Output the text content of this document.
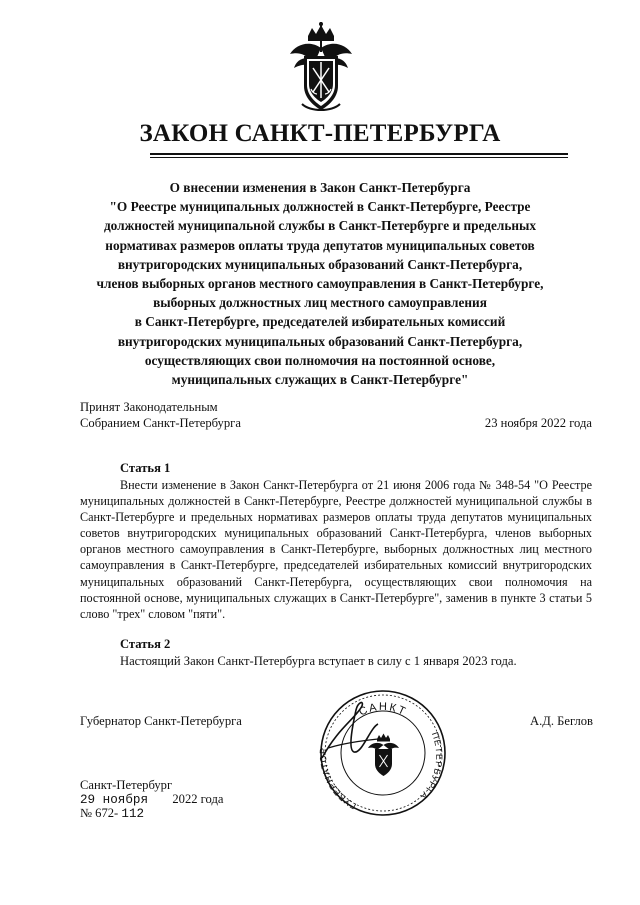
ЗАКОН САНКТ-ПЕТЕРБУРГА
О внесении изменения в Закон Санкт-Петербурга
"О Реестре муниципальных должностей в Санкт-Петербурге, Реестре
должностей муниципальной службы в Санкт-Петербурге и предельных
нормативах размеров оплаты труда депутатов муниципальных советов
внутригородских муниципальных образований Санкт-Петербурга,
членов выборных органов местного самоуправления в Санкт-Петербурге,
выборных должностных лиц местного самоуправления
в Санкт-Петербурге, председателей избирательных комиссий
внутригородских муниципальных образований Санкт-Петербурга,
осуществляющих свои полномочия на постоянной основе,
муниципальных служащих в Санкт-Петербурге"
Принят Законодательным
Собранием Санкт-Петербурга	23 ноября 2022 года
Статья 1

Внести изменение в Закон Санкт-Петербурга от 21 июня 2006 года № 348-54 "О Реестре муниципальных должностей в Санкт-Петербурге, Реестре должностей муниципальной службы в Санкт-Петербурге и предельных нормативах размеров оплаты труда депутатов муниципальных советов внутригородских муниципальных образований Санкт-Петербурга, членов выборных органов местного самоуправления в Санкт-Петербурге, выборных должностных лиц местного самоуправления в Санкт-Петербурге, председателей избирательных комиссий внутригородских муниципальных образований Санкт-Петербурга, осуществляющих свои полномочия на постоянной основе, муниципальных служащих в Санкт-Петербурге", заменив в пункте 3 статьи 5 слово "трех" словом "пяти".

Статья 2
Настоящий Закон Санкт-Петербурга вступает в силу с 1 января 2023 года.
Губернатор Санкт-Петербурга	А.Д. Беглов
САНКТ
ГУБЕРНАТОР
ПЕТЕРБУРГА
Санкт-Петербург
29 ноября 2022 года
№ 672- 112
